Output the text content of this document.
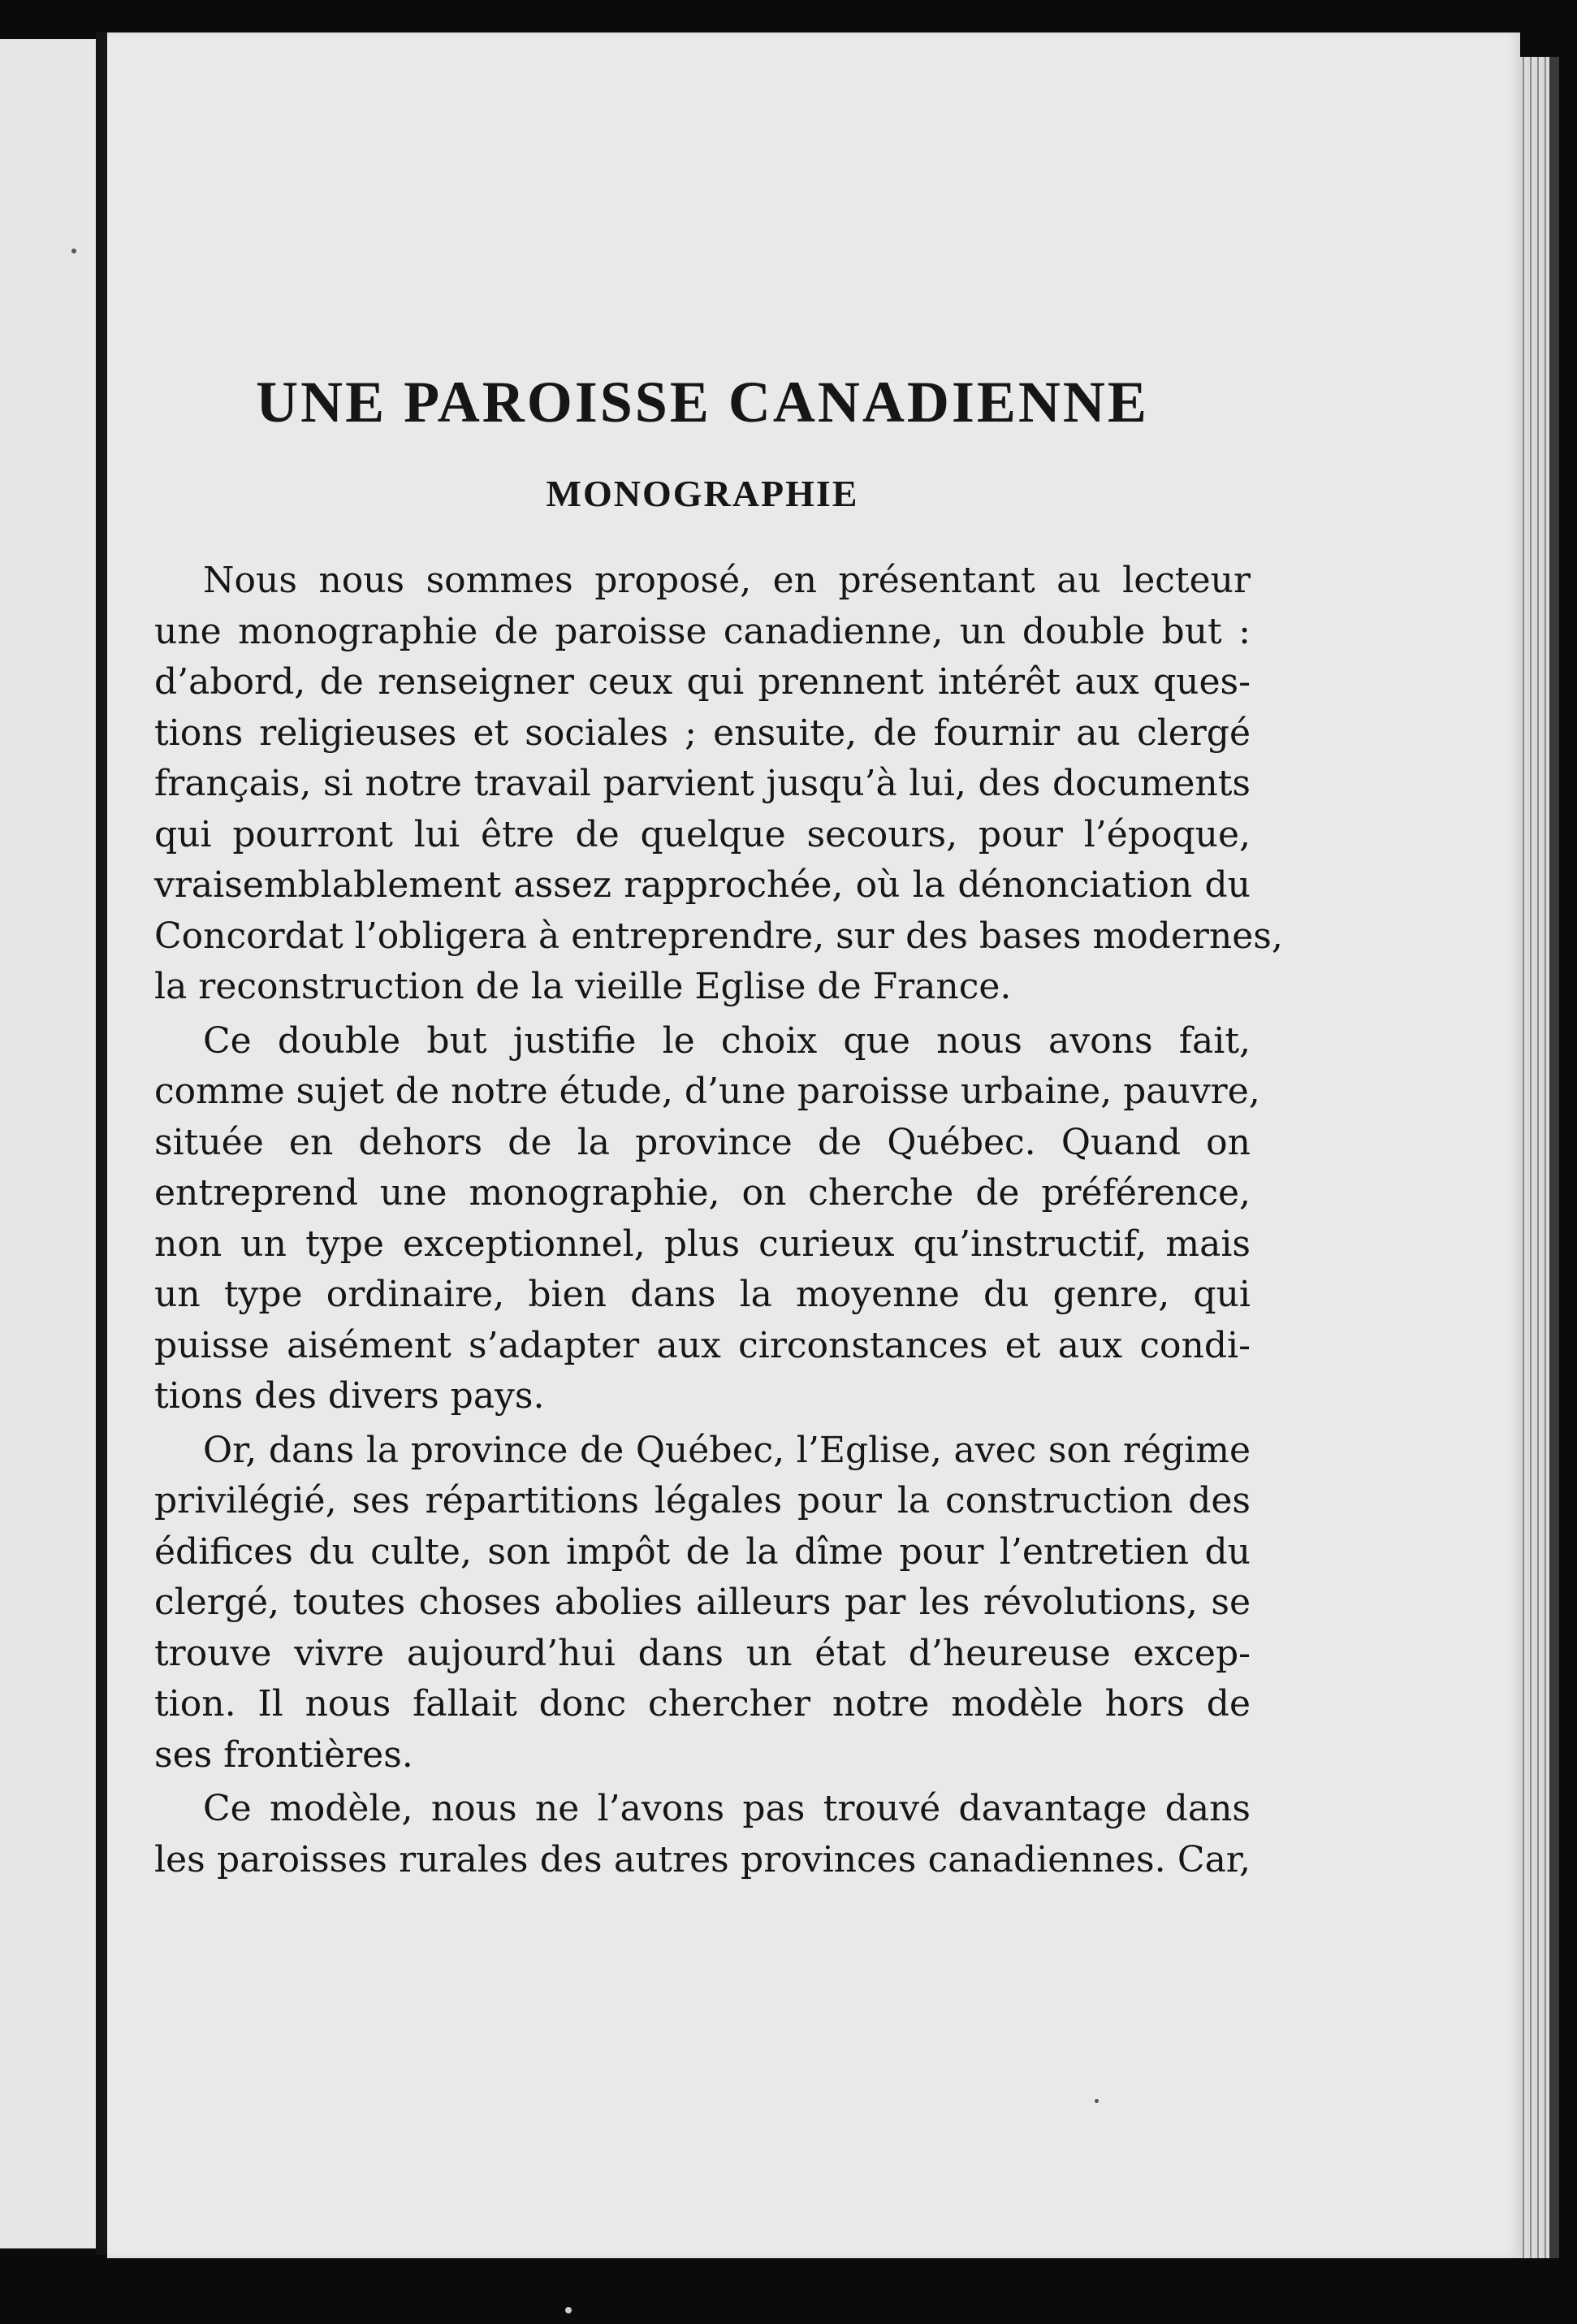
UNE PAROISSE CANADIENNE
MONOGRAPHIE
Nous nous sommes proposé, en présentant au lecteur
une monographie de paroisse canadienne, un double but :
d’abord, de renseigner ceux qui prennent intérêt aux ques-
tions religieuses et sociales ; ensuite, de fournir au clergé
français, si notre travail parvient jusqu’à lui, des documents
qui pourront lui être de quelque secours, pour l’époque,
vraisemblablement assez rapprochée, où la dénonciation du
Concordat l’obligera à entreprendre, sur des bases modernes,
la reconstruction de la vieille Eglise de France.
Ce double but justifie le choix que nous avons fait,
comme sujet de notre étude, d’une paroisse urbaine, pauvre,
située en dehors de la province de Québec. Quand on
entreprend une monographie, on cherche de préférence,
non un type exceptionnel, plus curieux qu’instructif, mais
un type ordinaire, bien dans la moyenne du genre, qui
puisse aisément s’adapter aux circonstances et aux condi-
tions des divers pays.
Or, dans la province de Québec, l’Eglise, avec son régime
privilégié, ses répartitions légales pour la construction des
édifices du culte, son impôt de la dîme pour l’entretien du
clergé, toutes choses abolies ailleurs par les révolutions, se
trouve vivre aujourd’hui dans un état d’heureuse excep-
tion. Il nous fallait donc chercher notre modèle hors de
ses frontières.
Ce modèle, nous ne l’avons pas trouvé davantage dans
les paroisses rurales des autres provinces canadiennes. Car,
